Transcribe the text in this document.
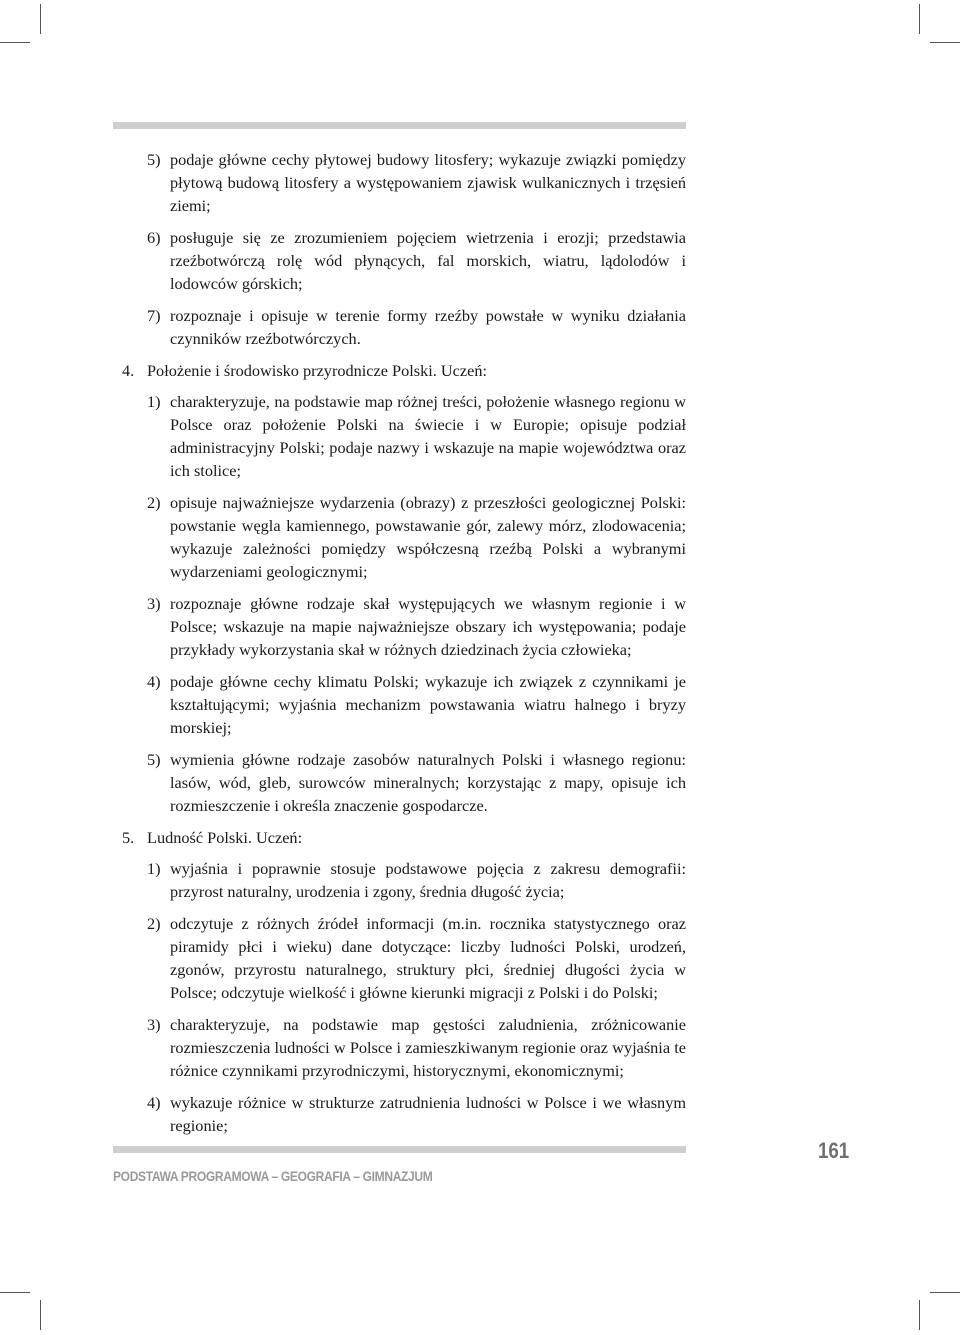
5) podaje główne cechy płytowej budowy litosfery; wykazuje związki pomiędzy płytową budową litosfery a występowaniem zjawisk wulkanicznych i trzęsień ziemi;
6) posługuje się ze zrozumieniem pojęciem wietrzenia i erozji; przedstawia rzeźbotwórczą rolę wód płynących, fal morskich, wiatru, lądolodów i lodowców górskich;
7) rozpoznaje i opisuje w terenie formy rzeźby powstałe w wyniku działania czynników rzeźbotwórczych.
4. Położenie i środowisko przyrodnicze Polski. Uczeń:
1) charakteryzuje, na podstawie map różnej treści, położenie własnego regionu w Polsce oraz położenie Polski na świecie i w Europie; opisuje podział administracyjny Polski; podaje nazwy i wskazuje na mapie województwa oraz ich stolice;
2) opisuje najważniejsze wydarzenia (obrazy) z przeszłości geologicznej Polski: powstanie węgla kamiennego, powstawanie gór, zalewy mórz, zlodowacenia; wykazuje zależności pomiędzy współczesną rzeźbą Polski a wybranymi wydarzeniami geologicznymi;
3) rozpoznaje główne rodzaje skał występujących we własnym regionie i w Polsce; wskazuje na mapie najważniejsze obszary ich występowania; podaje przykłady wykorzystania skał w różnych dziedzinach życia człowieka;
4) podaje główne cechy klimatu Polski; wykazuje ich związek z czynnikami je kształtującymi; wyjaśnia mechanizm powstawania wiatru halnego i bryzy morskiej;
5) wymienia główne rodzaje zasobów naturalnych Polski i własnego regionu: lasów, wód, gleb, surowców mineralnych; korzystając z mapy, opisuje ich rozmieszczenie i określa znaczenie gospodarcze.
5. Ludność Polski. Uczeń:
1) wyjaśnia i poprawnie stosuje podstawowe pojęcia z zakresu demografii: przyrost naturalny, urodzenia i zgony, średnia długość życia;
2) odczytuje z różnych źródeł informacji (m.in. rocznika statystycznego oraz piramidy płci i wieku) dane dotyczące: liczby ludności Polski, urodzeń, zgonów, przyrostu naturalnego, struktury płci, średniej długości życia w Polsce; odczytuje wielkość i główne kierunki migracji z Polski i do Polski;
3) charakteryzuje, na podstawie map gęstości zaludnienia, zróżnicowanie rozmieszczenia ludności w Polsce i zamieszkiwanym regionie oraz wyjaśnia te różnice czynnikami przyrodniczymi, historycznymi, ekonomicznymi;
4) wykazuje różnice w strukturze zatrudnienia ludności w Polsce i we własnym regionie;
PODSTAWA PROGRAMOWA – GEOGRAFIA – GIMNAZJUM
161
